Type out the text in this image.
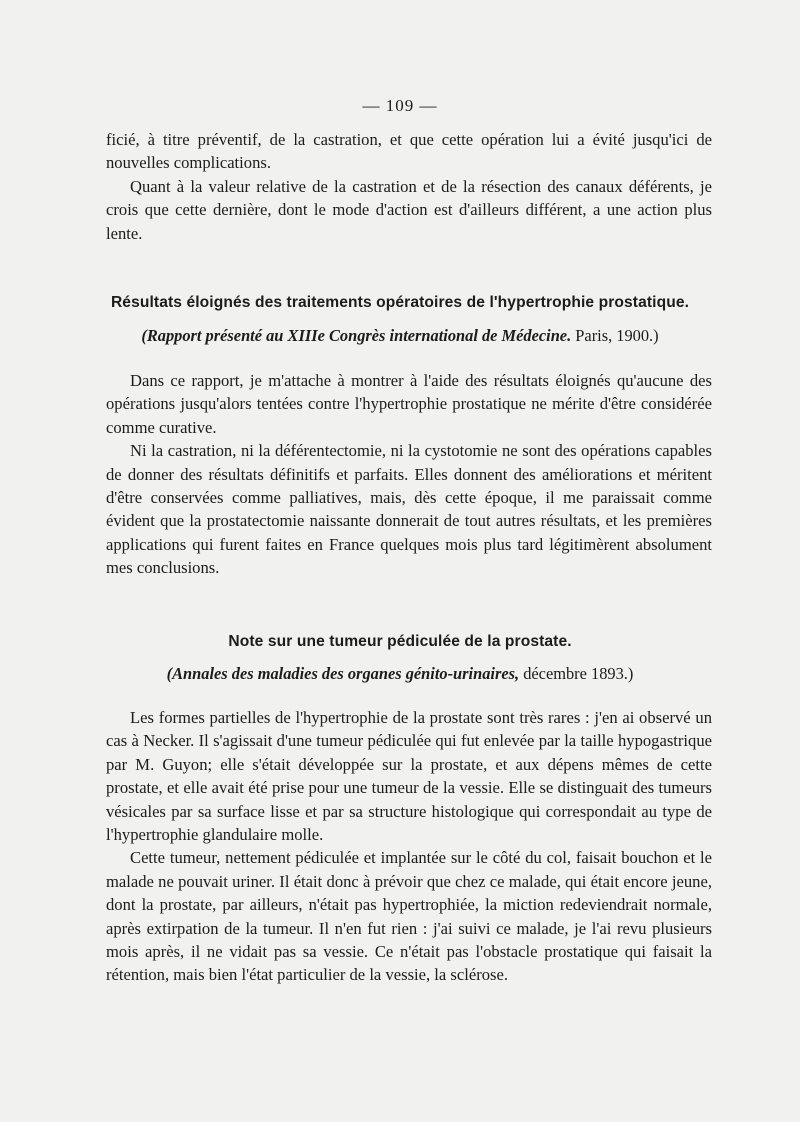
— 109 —

ficié, à titre préventif, de la castration, et que cette opération lui a évité jusqu'ici de nouvelles complications.

Quant à la valeur relative de la castration et de la résection des canaux déférents, je crois que cette dernière, dont le mode d'action est d'ailleurs différent, a une action plus lente.

Résultats éloignés des traitements opératoires de l'hypertrophie prostatique.
(Rapport présenté au XIIIe Congrès international de Médecine. Paris, 1900.)

Dans ce rapport, je m'attache à montrer à l'aide des résultats éloignés qu'aucune des opérations jusqu'alors tentées contre l'hypertrophie prostatique ne mérite d'être considérée comme curative.

Ni la castration, ni la déférentectomie, ni la cystotomie ne sont des opérations capables de donner des résultats définitifs et parfaits. Elles donnent des améliorations et méritent d'être conservées comme palliatives, mais, dès cette époque, il me paraissait comme évident que la prostatectomie naissante donnerait de tout autres résultats, et les premières applications qui furent faites en France quelques mois plus tard légitimèrent absolument mes conclusions.

Note sur une tumeur pédiculée de la prostate.
(Annales des maladies des organes génito-urinaires, décembre 1893.)

Les formes partielles de l'hypertrophie de la prostate sont très rares : j'en ai observé un cas à Necker. Il s'agissait d'une tumeur pédiculée qui fut enlevée par la taille hypogastrique par M. Guyon; elle s'était développée sur la prostate, et aux dépens mêmes de cette prostate, et elle avait été prise pour une tumeur de la vessie. Elle se distinguait des tumeurs vésicales par sa surface lisse et par sa structure histologique qui correspondait au type de l'hypertrophie glandulaire molle.

Cette tumeur, nettement pédiculée et implantée sur le côté du col, faisait bouchon et le malade ne pouvait uriner. Il était donc à prévoir que chez ce malade, qui était encore jeune, dont la prostate, par ailleurs, n'était pas hypertrophiée, la miction redeviendrait normale, après extirpation de la tumeur. Il n'en fut rien : j'ai suivi ce malade, je l'ai revu plusieurs mois après, il ne vidait pas sa vessie. Ce n'était pas l'obstacle prostatique qui faisait la rétention, mais bien l'état particulier de la vessie, la sclérose.
